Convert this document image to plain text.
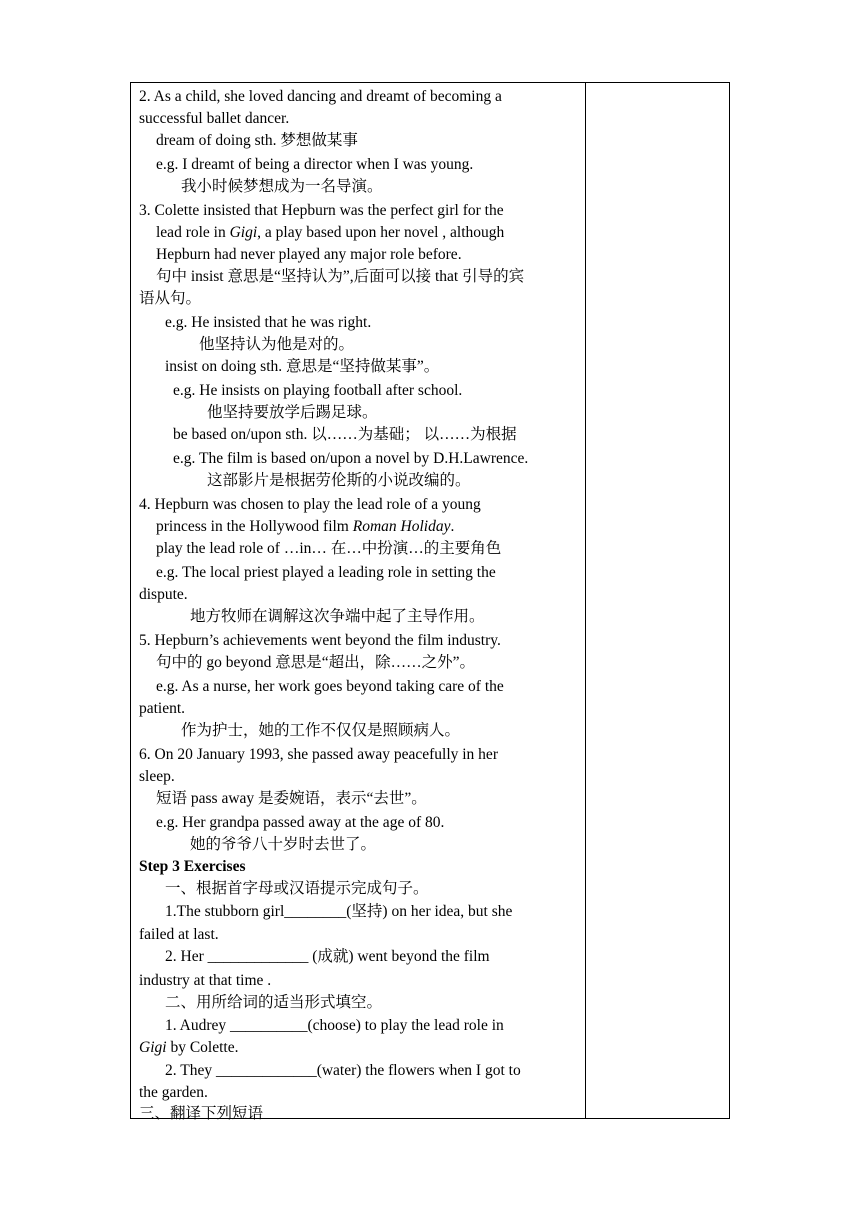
2. As a child, she loved dancing and dreamt of becoming a
successful ballet dancer.
dream of doing sth. 梦想做某事
e.g. I dreamt of being a director when I was young.
我小时候梦想成为一名导演。
3. Colette insisted that Hepburn was the perfect girl for the
lead role in Gigi, a play based upon her novel , although
Hepburn had never played any major role before.
句中 insist 意思是“坚持认为”,后面可以接 that 引导的宾
语从句。
e.g. He insisted that he was right.
他坚持认为他是对的。
insist on doing sth. 意思是“坚持做某事”。
e.g. He insists on playing football after school.
他坚持要放学后踢足球。
be based on/upon sth. 以……为基础； 以……为根据
e.g. The film is based on/upon a novel by D.H.Lawrence.
这部影片是根据劳伦斯的小说改编的。
4. Hepburn was chosen to play the lead role of a young
princess in the Hollywood film Roman Holiday.
play the lead role of …in… 在…中扮演…的主要角色
e.g. The local priest played a leading role in setting the
dispute.
地方牧师在调解这次争端中起了主导作用。
5. Hepburn’s achievements went beyond the film industry.
句中的 go beyond 意思是“超出，除……之外”。
e.g. As a nurse, her work goes beyond taking care of the
patient.
作为护士，她的工作不仅仅是照顾病人。
6. On 20 January 1993, she passed away peacefully in her
sleep.
短语 pass away 是委婉语，表示“去世”。
e.g. Her grandpa passed away at the age of 80.
她的爷爷八十岁时去世了。
Step 3 Exercises
一、根据首字母或汉语提示完成句子。
1.The stubborn girl________(坚持) on her idea, but she
failed at last.
2. Her _____________ (成就) went beyond the film
industry at that time .
二、用所给词的适当形式填空。
1. Audrey __________(choose) to play the lead role in
Gigi by Colette.
2. They _____________(water) the flowers when I got to
the garden.
三、翻译下列短语
